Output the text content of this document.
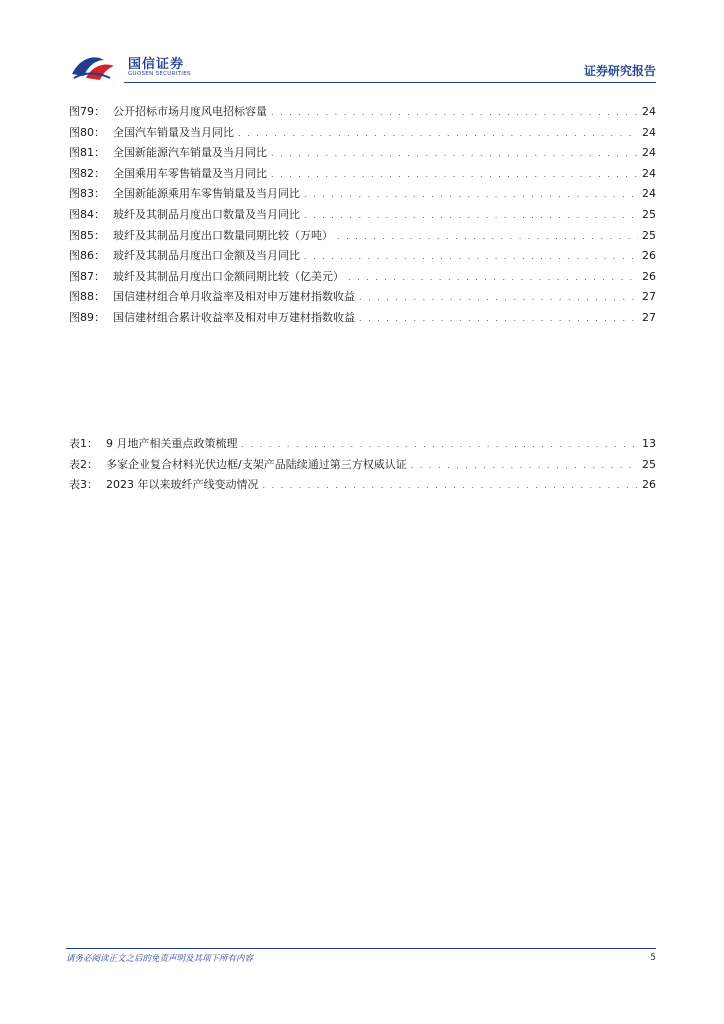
国信证券
GUOSEN SECURITIES	证券研究报告
图79： 公开招标市场月度风电招标容量 . . .	24
图80： 全国汽车销量及当月同比 . . .	24
图81： 全国新能源汽车销量及当月同比 . . .	24
图82： 全国乘用车零售销量及当月同比 . . .	24
图83： 全国新能源乘用车零售销量及当月同比 . . .	24
图84： 玻纤及其制品月度出口数量及当月同比 . . .	25
图85： 玻纤及其制品月度出口数量同期比较（万吨） . . .	25
图86： 玻纤及其制品月度出口金额及当月同比 . . .	26
图87： 玻纤及其制品月度出口金额同期比较（亿美元） . . .	26
图88： 国信建材组合单月收益率及相对申万建材指数收益 . . .	27
图89： 国信建材组合累计收益率及相对申万建材指数收益 . . .	27
表1： 9 月地产相关重点政策梳理 . . .	13
表2： 多家企业复合材料光伏边框/支架产品陆续通过第三方权威认证 . . .	25
表3： 2023 年以来玻纤产线变动情况 . . .	26
请务必阅读正文之后的免责声明及其项下所有内容	5
